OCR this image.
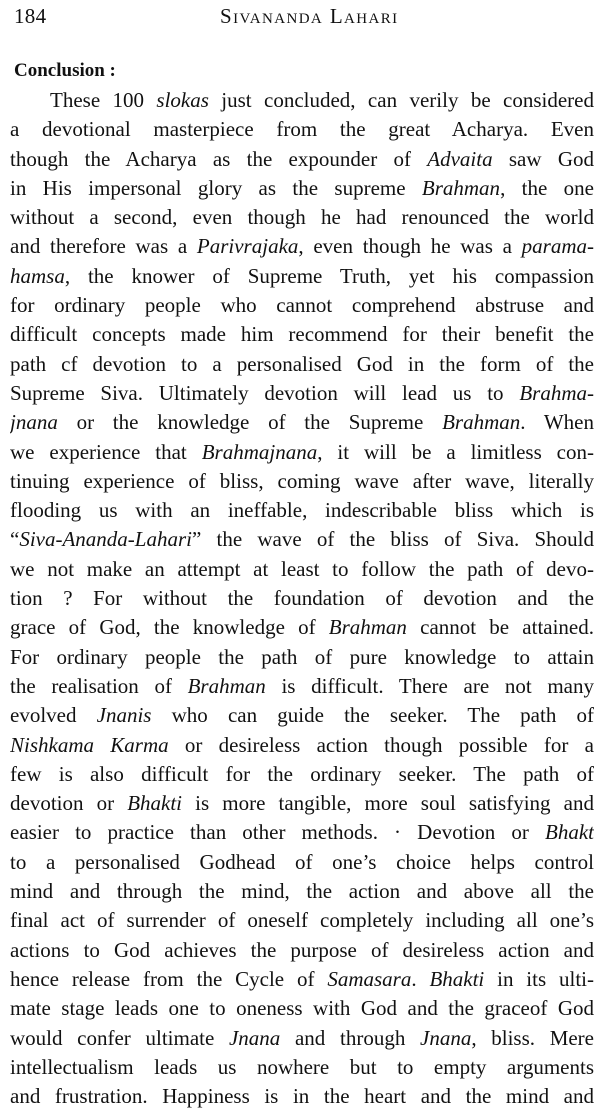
184	Sivananda Lahari
Conclusion :
These 100 slokas just concluded, can verily be considered
a devotional masterpiece from the great Acharya. Even
though the Acharya as the expounder of Advaita saw God
in His impersonal glory as the supreme Brahman, the one
without a second, even though he had renounced the world
and therefore was a Parivrajaka, even though he was a parama-
hamsa, the knower of Supreme Truth, yet his compassion
for ordinary people who cannot comprehend abstruse and
difficult concepts made him recommend for their benefit the
path cf devotion to a personalised God in the form of the
Supreme Siva. Ultimately devotion will lead us to Brahma-
jnana or the knowledge of the Supreme Brahman. When
we experience that Brahmajnana, it will be a limitless con-
tinuing experience of bliss, coming wave after wave, literally
flooding us with an ineffable, indescribable bliss which is
“Siva-Ananda-Lahari” the wave of the bliss of Siva. Should
we not make an attempt at least to follow the path of devo-
tion ? For without the foundation of devotion and the
grace of God, the knowledge of Brahman cannot be attained.
For ordinary people the path of pure knowledge to attain
the realisation of Brahman is difficult. There are not many
evolved Jnanis who can guide the seeker. The path of
Nishkama Karma or desireless action though possible for a
few is also difficult for the ordinary seeker. The path of
devotion or Bhakti is more tangible, more soul satisfying and
easier to practice than other methods. · Devotion or Bhakt
to a personalised Godhead of one’s choice helps control
mind and through the mind, the action and above all the
final act of surrender of oneself completely including all one’s
actions to God achieves the purpose of desireless action and
hence release from the Cycle of Samasara. Bhakti in its ulti-
mate stage leads one to oneness with God and the graceof God
would confer ultimate Jnana and through Jnana, bliss. Mere
intellectualism leads us nowhere but to empty arguments
and frustration. Happiness is in the heart and the mind and
